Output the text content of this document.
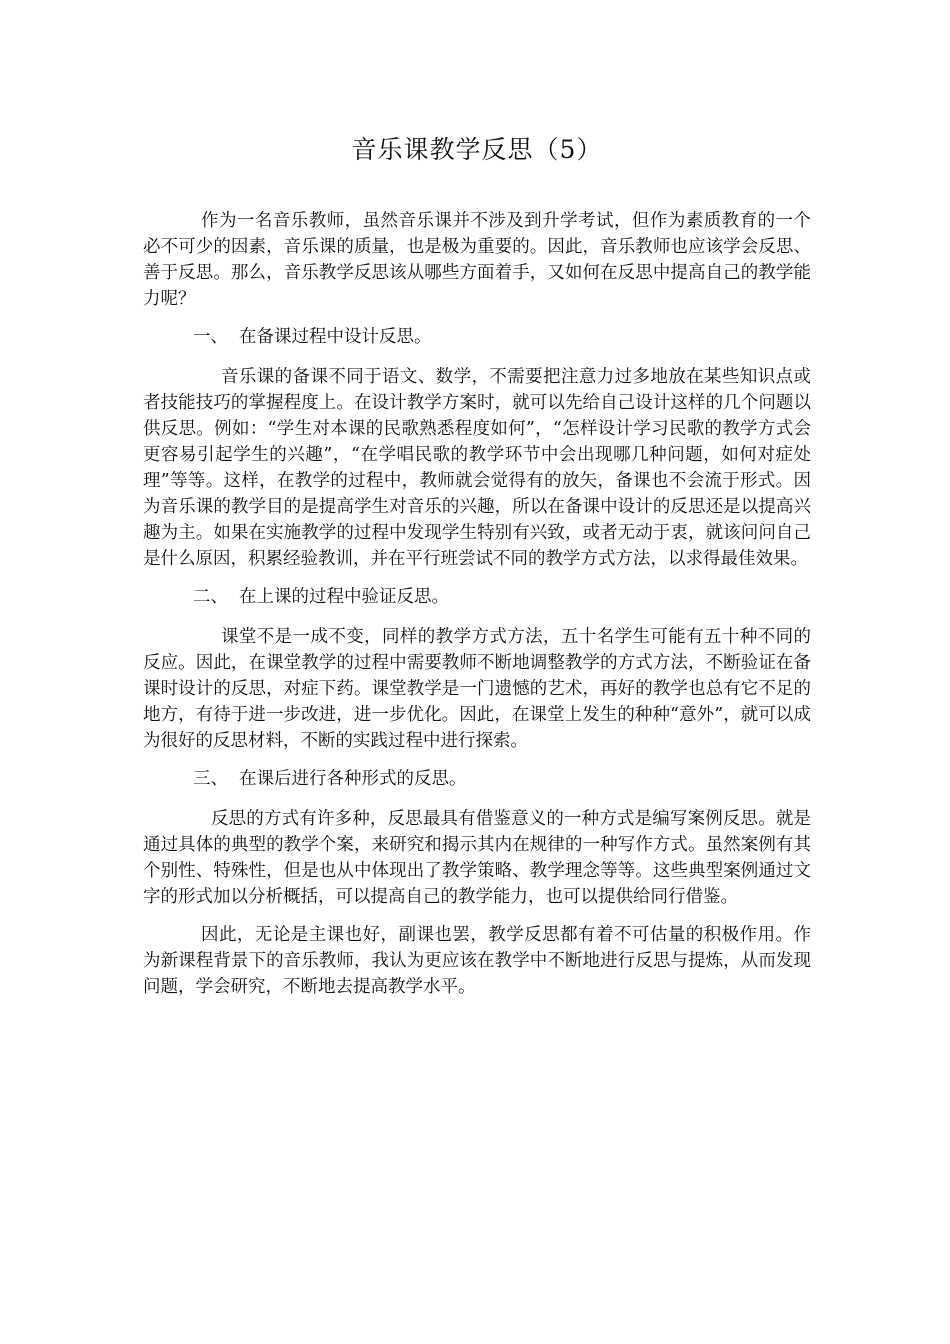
音乐课教学反思（5）

作为一名音乐教师，虽然音乐课并不涉及到升学考试，但作为素质教育的一个必不可少的因素，音乐课的质量，也是极为重要的。因此，音乐教师也应该学会反思、善于反思。那么，音乐教学反思该从哪些方面着手，又如何在反思中提高自己的教学能力呢？

一、 在备课过程中设计反思。

音乐课的备课不同于语文、数学，不需要把注意力过多地放在某些知识点或者技能技巧的掌握程度上。在设计教学方案时，就可以先给自己设计这样的几个问题以供反思。例如：“学生对本课的民歌熟悉程度如何”，“怎样设计学习民歌的教学方式会更容易引起学生的兴趣”，“在学唱民歌的教学环节中会出现哪几种问题，如何对症处理”等等。这样，在教学的过程中，教师就会觉得有的放矢，备课也不会流于形式。因为音乐课的教学目的是提高学生对音乐的兴趣，所以在备课中设计的反思还是以提高兴趣为主。如果在实施教学的过程中发现学生特别有兴致，或者无动于衷，就该问问自己是什么原因，积累经验教训，并在平行班尝试不同的教学方式方法，以求得最佳效果。

二、 在上课的过程中验证反思。

课堂不是一成不变，同样的教学方式方法，五十名学生可能有五十种不同的反应。因此，在课堂教学的过程中需要教师不断地调整教学的方式方法，不断验证在备课时设计的反思，对症下药。课堂教学是一门遗憾的艺术，再好的教学也总有它不足的地方，有待于进一步改进，进一步优化。因此，在课堂上发生的种种“意外”，就可以成为很好的反思材料，不断的实践过程中进行探索。

三、 在课后进行各种形式的反思。

反思的方式有许多种，反思最具有借鉴意义的一种方式是编写案例反思。就是通过具体的典型的教学个案，来研究和揭示其内在规律的一种写作方式。虽然案例有其个别性、特殊性，但是也从中体现出了教学策略、教学理念等等。这些典型案例通过文字的形式加以分析概括，可以提高自己的教学能力，也可以提供给同行借鉴。

因此，无论是主课也好，副课也罢，教学反思都有着不可估量的积极作用。作为新课程背景下的音乐教师，我认为更应该在教学中不断地进行反思与提炼，从而发现问题，学会研究，不断地去提高教学水平。
